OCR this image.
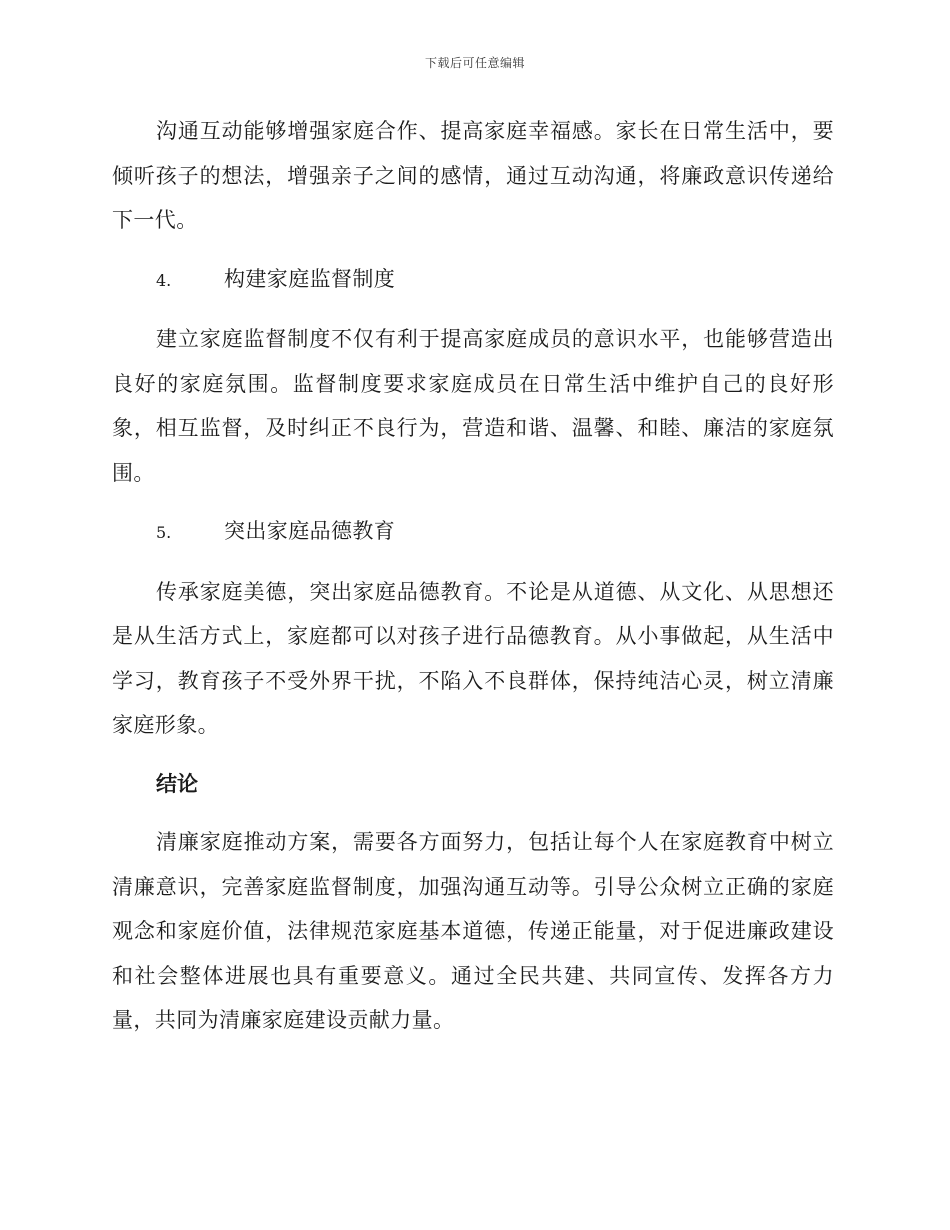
下载后可任意编辑

沟通互动能够增强家庭合作、提高家庭幸福感。家长在日常生活中，要倾听孩子的想法，增强亲子之间的感情，通过互动沟通，将廉政意识传递给下一代。

4.	构建家庭监督制度

建立家庭监督制度不仅有利于提高家庭成员的意识水平，也能够营造出良好的家庭氛围。监督制度要求家庭成员在日常生活中维护自己的良好形象，相互监督，及时纠正不良行为，营造和谐、温馨、和睦、廉洁的家庭氛围。

5.	突出家庭品德教育

传承家庭美德，突出家庭品德教育。不论是从道德、从文化、从思想还是从生活方式上，家庭都可以对孩子进行品德教育。从小事做起，从生活中学习，教育孩子不受外界干扰，不陷入不良群体，保持纯洁心灵，树立清廉家庭形象。

结论

清廉家庭推动方案，需要各方面努力，包括让每个人在家庭教育中树立清廉意识，完善家庭监督制度，加强沟通互动等。引导公众树立正确的家庭观念和家庭价值，法律规范家庭基本道德，传递正能量，对于促进廉政建设和社会整体进展也具有重要意义。通过全民共建、共同宣传、发挥各方力量，共同为清廉家庭建设贡献力量。
